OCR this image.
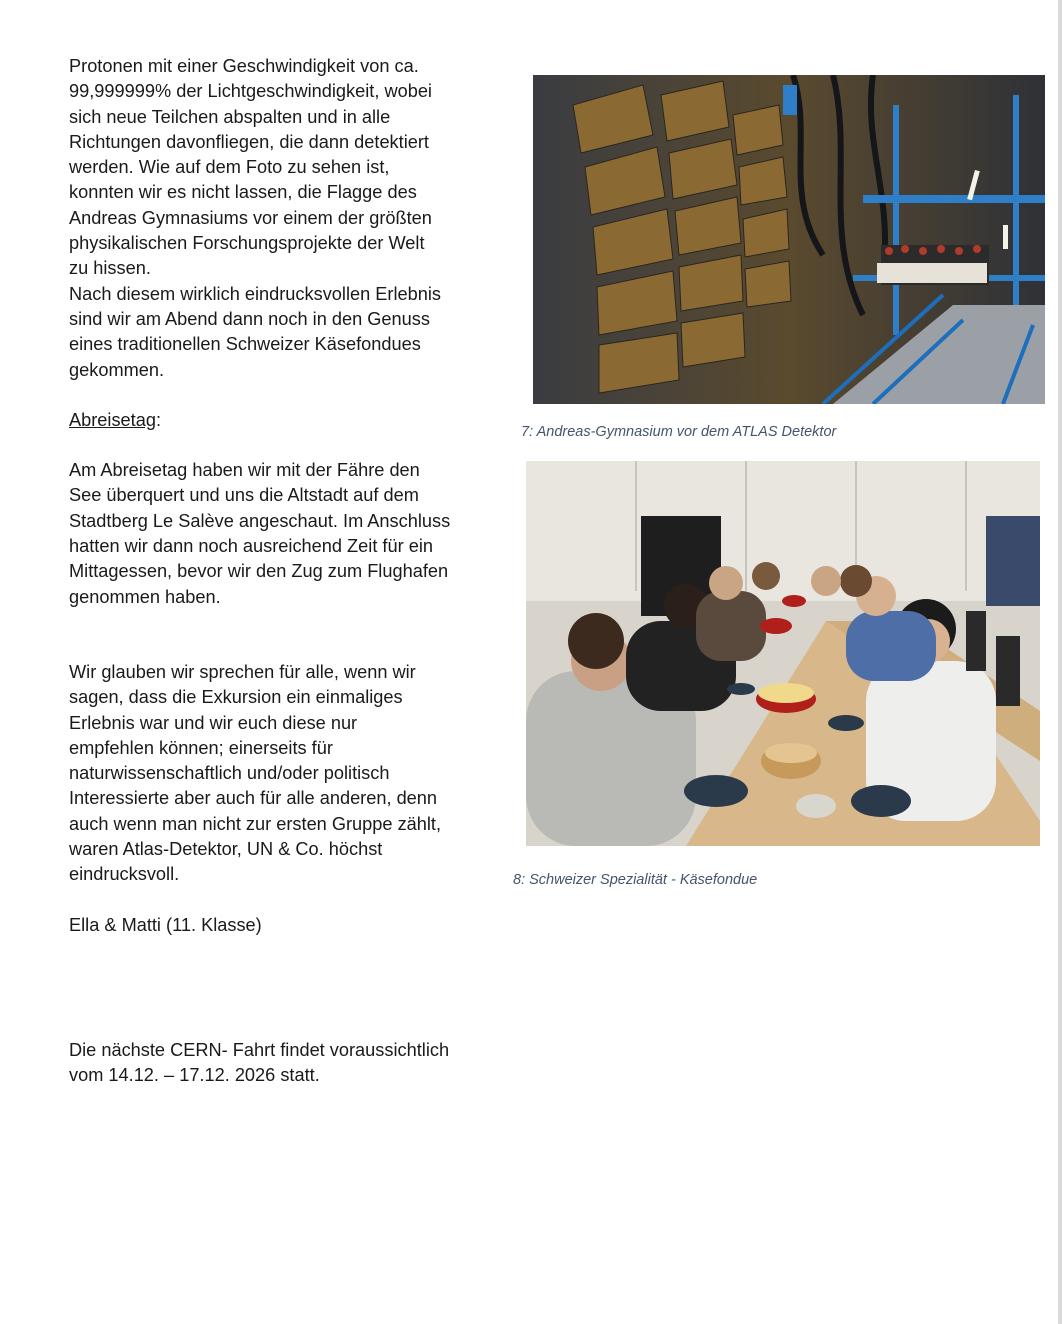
Protonen mit einer Geschwindigkeit von ca.
99,999999% der Lichtgeschwindigkeit, wobei
sich neue Teilchen abspalten und in alle
Richtungen davonfliegen, die dann detektiert
werden. Wie auf dem Foto zu sehen ist,
konnten wir es nicht lassen, die Flagge des
Andreas Gymnasiums vor einem der größten
physikalischen Forschungsprojekte der Welt
zu hissen.

Nach diesem wirklich eindrucksvollen Erlebnis
sind wir am Abend dann noch in den Genuss
eines traditionellen Schweizer Käsefondues
gekommen.

Abreisetag:

Am Abreisetag haben wir mit der Fähre den
See überquert und uns die Altstadt auf dem
Stadtberg Le Salève angeschaut. Im Anschluss
hatten wir dann noch ausreichend Zeit für ein
Mittagessen, bevor wir den Zug zum Flughafen
genommen haben.

Wir glauben wir sprechen für alle, wenn wir
sagen, dass die Exkursion ein einmaliges
Erlebnis war und wir euch diese nur
empfehlen können; einerseits für
naturwissenschaftlich und/oder politisch
Interessierte aber auch für alle anderen, denn
auch wenn man nicht zur ersten Gruppe zählt,
waren Atlas-Detektor, UN & Co. höchst
eindrucksvoll.

Ella & Matti (11. Klasse)

Die nächste CERN- Fahrt findet voraussichtlich
vom 14.12. – 17.12. 2026 statt.

7: Andreas-Gymnasium vor dem ATLAS Detektor
8: Schweizer Spezialität - Käsefondue
